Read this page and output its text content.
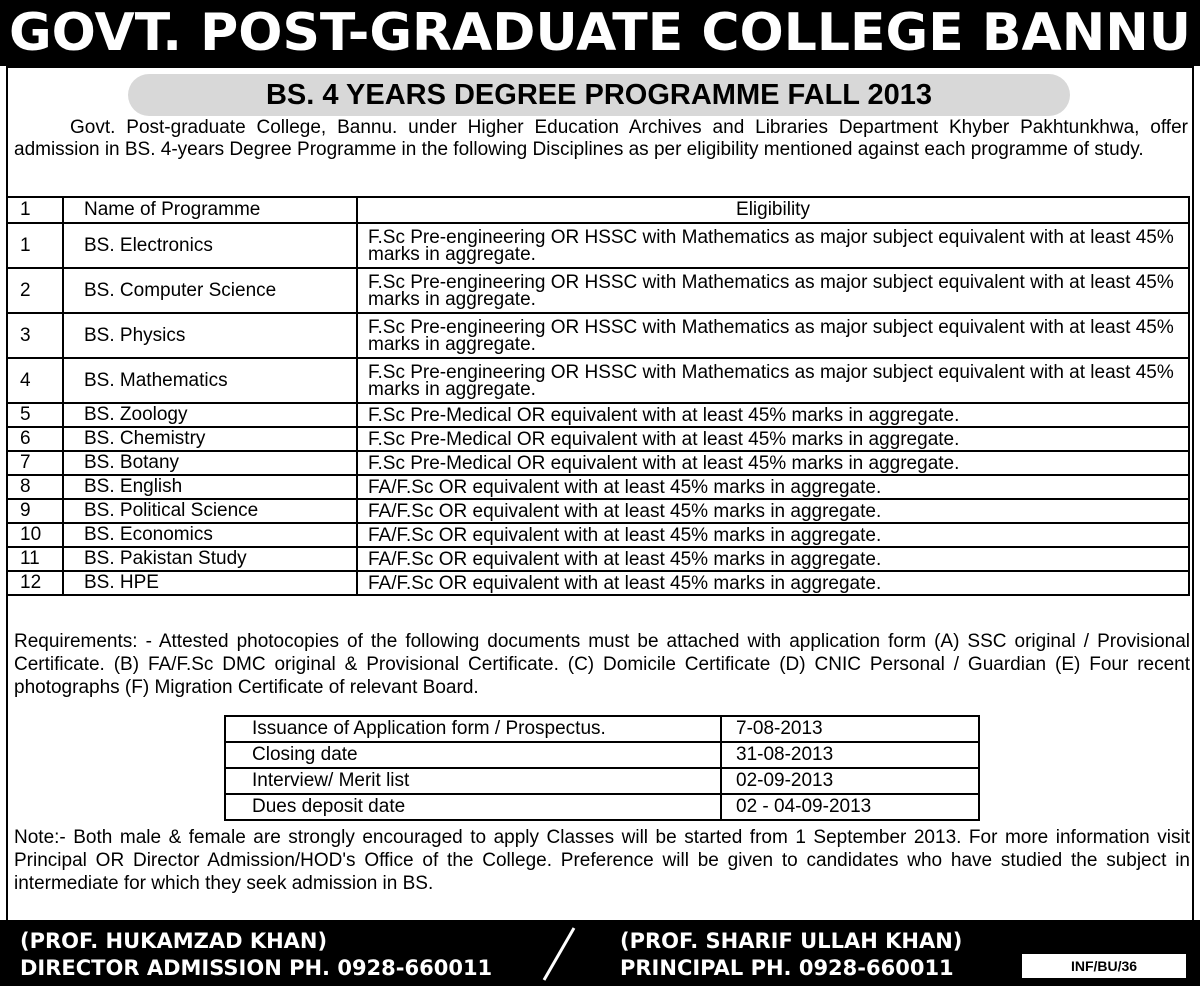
GOVT. POST-GRADUATE COLLEGE BANNU
BS. 4 YEARS DEGREE PROGRAMME FALL 2013
Govt. Post-graduate College, Bannu. under Higher Education Archives and Libraries Department Khyber Pakhtunkhwa, offer admission in BS. 4-years Degree Programme in the following Disciplines as per eligibility mentioned against each programme of study.
1	Name of Programme	Eligibility
1	BS. Electronics	F.Sc Pre-engineering OR HSSC with Mathematics as major subject equivalent with at least 45% marks in aggregate.
2	BS. Computer Science	F.Sc Pre-engineering OR HSSC with Mathematics as major subject equivalent with at least 45% marks in aggregate.
3	BS. Physics	F.Sc Pre-engineering OR HSSC with Mathematics as major subject equivalent with at least 45% marks in aggregate.
4	BS. Mathematics	F.Sc Pre-engineering OR HSSC with Mathematics as major subject equivalent with at least 45% marks in aggregate.
5	BS. Zoology	F.Sc Pre-Medical OR equivalent with at least 45% marks in aggregate.
6	BS. Chemistry	F.Sc Pre-Medical OR equivalent with at least 45% marks in aggregate.
7	BS. Botany	F.Sc Pre-Medical OR equivalent with at least 45% marks in aggregate.
8	BS. English	FA/F.Sc OR equivalent with at least 45% marks in aggregate.
9	BS. Political Science	FA/F.Sc OR equivalent with at least 45% marks in aggregate.
10	BS. Economics	FA/F.Sc OR equivalent with at least 45% marks in aggregate.
11	BS. Pakistan Study	FA/F.Sc OR equivalent with at least 45% marks in aggregate.
12	BS. HPE	FA/F.Sc OR equivalent with at least 45% marks in aggregate.
Requirements: - Attested photocopies of the following documents must be attached with application form (A) SSC original / Provisional Certificate. (B) FA/F.Sc DMC original & Provisional Certificate. (C) Domicile Certificate (D) CNIC Personal / Guardian (E) Four recent photographs (F) Migration Certificate of relevant Board.
Issuance of Application form / Prospectus.	7-08-2013
Closing date	31-08-2013
Interview/ Merit list	02-09-2013
Dues deposit date	02 - 04-09-2013
Note:- Both male & female are strongly encouraged to apply Classes will be started from 1 September 2013. For more information visit Principal OR Director Admission/HOD's Office of the College. Preference will be given to candidates who have studied the subject in intermediate for which they seek admission in BS.
(PROF. HUKAMZAD KHAN)
DIRECTOR ADMISSION PH. 0928-660011
(PROF. SHARIF ULLAH KHAN)
PRINCIPAL PH. 0928-660011	INF/BU/36
